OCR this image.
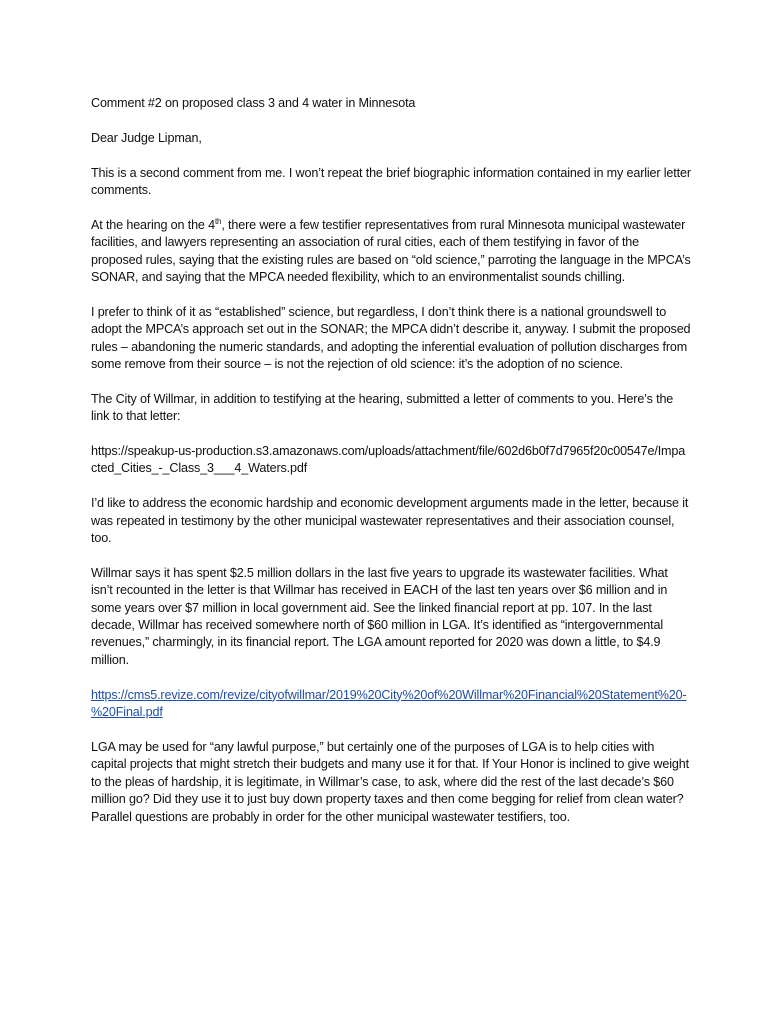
Comment #2 on proposed class 3 and 4 water in Minnesota

Dear Judge Lipman,

This is a second comment from me. I won’t repeat the brief biographic information contained in my earlier letter comments.

At the hearing on the 4th, there were a few testifier representatives from rural Minnesota municipal wastewater facilities, and lawyers representing an association of rural cities, each of them testifying in favor of the proposed rules, saying that the existing rules are based on “old science,” parroting the language in the MPCA’s SONAR, and saying that the MPCA needed flexibility, which to an environmentalist sounds chilling.

I prefer to think of it as “established” science, but regardless, I don’t think there is a national groundswell to adopt the MPCA’s approach set out in the SONAR; the MPCA didn’t describe it, anyway. I submit the proposed rules – abandoning the numeric standards, and adopting the inferential evaluation of pollution discharges from some remove from their source – is not the rejection of old science: it’s the adoption of no science.

The City of Willmar, in addition to testifying at the hearing, submitted a letter of comments to you. Here’s the link to that letter:

https://speakup-us-production.s3.amazonaws.com/uploads/attachment/file/602d6b0f7d7965f20c00547e/Impacted_Cities_-_Class_3___4_Waters.pdf

I’d like to address the economic hardship and economic development arguments made in the letter, because it was repeated in testimony by the other municipal wastewater representatives and their association counsel, too.

Willmar says it has spent $2.5 million dollars in the last five years to upgrade its wastewater facilities. What isn’t recounted in the letter is that Willmar has received in EACH of the last ten years over $6 million and in some years over $7 million in local government aid. See the linked financial report at pp. 107. In the last decade, Willmar has received somewhere north of $60 million in LGA. It’s identified as “intergovernmental revenues,” charmingly, in its financial report. The LGA amount reported for 2020 was down a little, to $4.9 million.

https://cms5.revize.com/revize/cityofwillmar/2019%20City%20of%20Willmar%20Financial%20Statement%20-%20Final.pdf

LGA may be used for “any lawful purpose,” but certainly one of the purposes of LGA is to help cities with capital projects that might stretch their budgets and many use it for that. If Your Honor is inclined to give weight to the pleas of hardship, it is legitimate, in Willmar’s case, to ask, where did the rest of the last decade’s $60 million go? Did they use it to just buy down property taxes and then come begging for relief from clean water? Parallel questions are probably in order for the other municipal wastewater testifiers, too.
